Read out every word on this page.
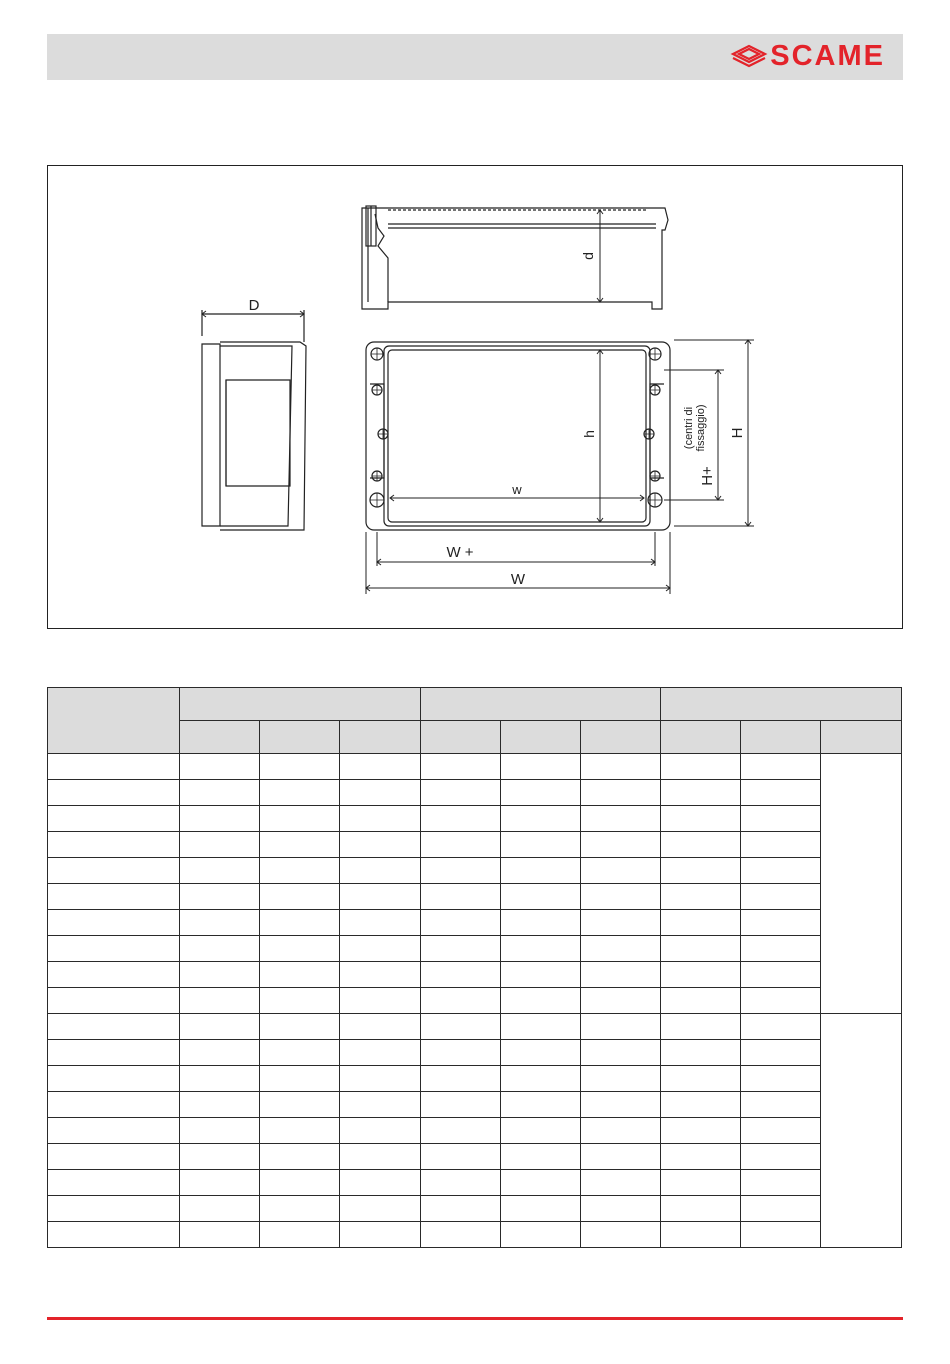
SCAME
D
d
h
w
W +
W
H+
H
(centri di fissaggio)
